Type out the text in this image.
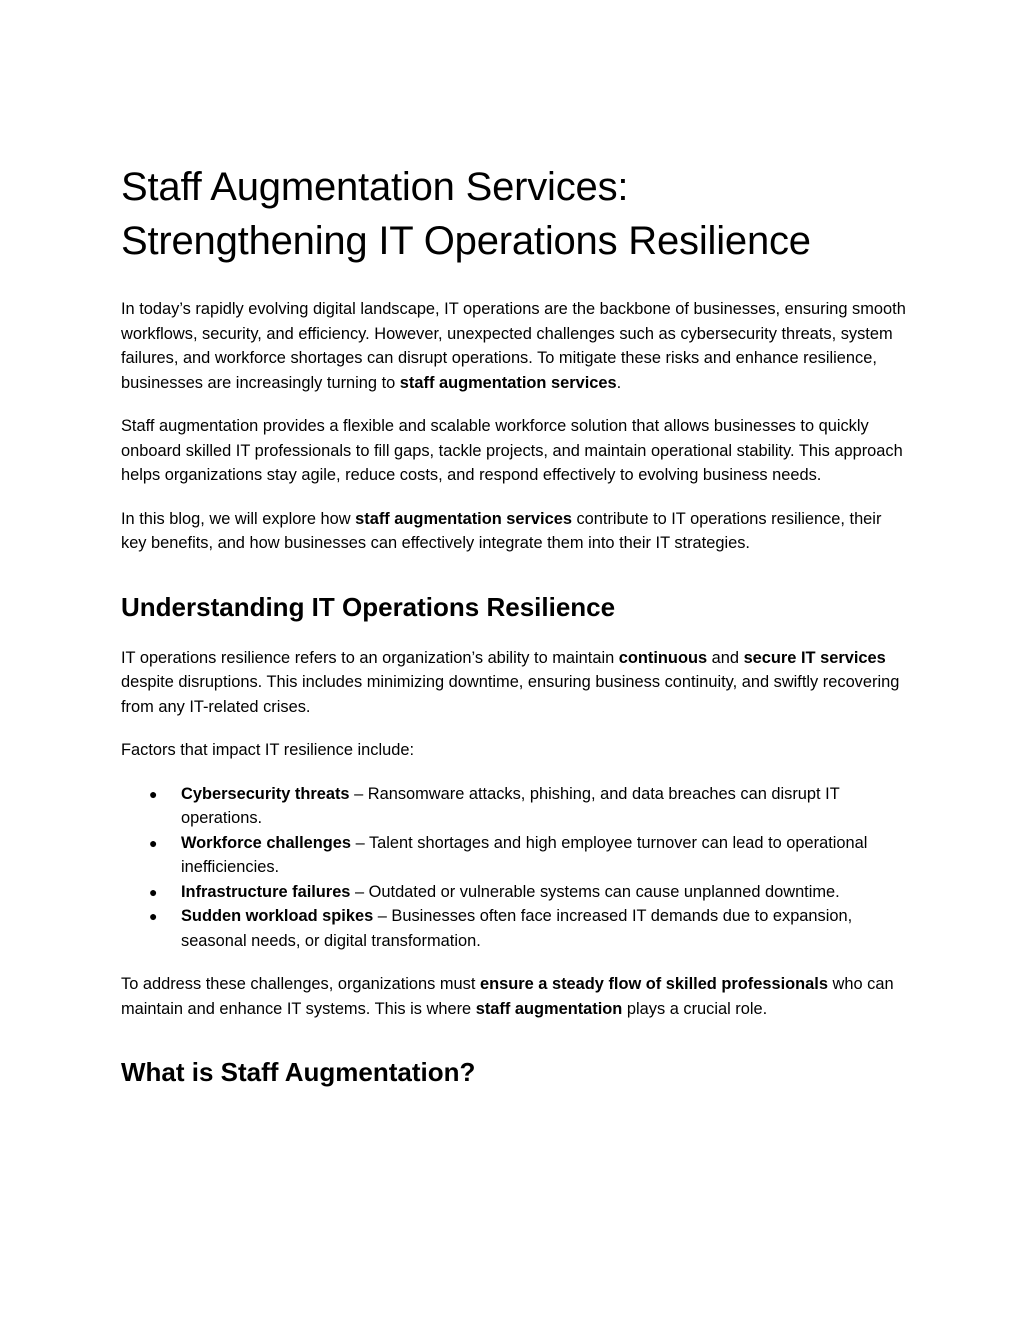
Staff Augmentation Services:
Strengthening IT Operations Resilience

In today’s rapidly evolving digital landscape, IT operations are the backbone of businesses, ensuring smooth workflows, security, and efficiency. However, unexpected challenges such as cybersecurity threats, system failures, and workforce shortages can disrupt operations. To mitigate these risks and enhance resilience, businesses are increasingly turning to staff augmentation services.

Staff augmentation provides a flexible and scalable workforce solution that allows businesses to quickly onboard skilled IT professionals to fill gaps, tackle projects, and maintain operational stability. This approach helps organizations stay agile, reduce costs, and respond effectively to evolving business needs.

In this blog, we will explore how staff augmentation services contribute to IT operations resilience, their key benefits, and how businesses can effectively integrate them into their IT strategies.

Understanding IT Operations Resilience

IT operations resilience refers to an organization’s ability to maintain continuous and secure IT services despite disruptions. This includes minimizing downtime, ensuring business continuity, and swiftly recovering from any IT-related crises.

Factors that impact IT resilience include:

● Cybersecurity threats – Ransomware attacks, phishing, and data breaches can disrupt IT operations.
● Workforce challenges – Talent shortages and high employee turnover can lead to operational inefficiencies.
● Infrastructure failures – Outdated or vulnerable systems can cause unplanned downtime.
● Sudden workload spikes – Businesses often face increased IT demands due to expansion, seasonal needs, or digital transformation.

To address these challenges, organizations must ensure a steady flow of skilled professionals who can maintain and enhance IT systems. This is where staff augmentation plays a crucial role.

What is Staff Augmentation?
